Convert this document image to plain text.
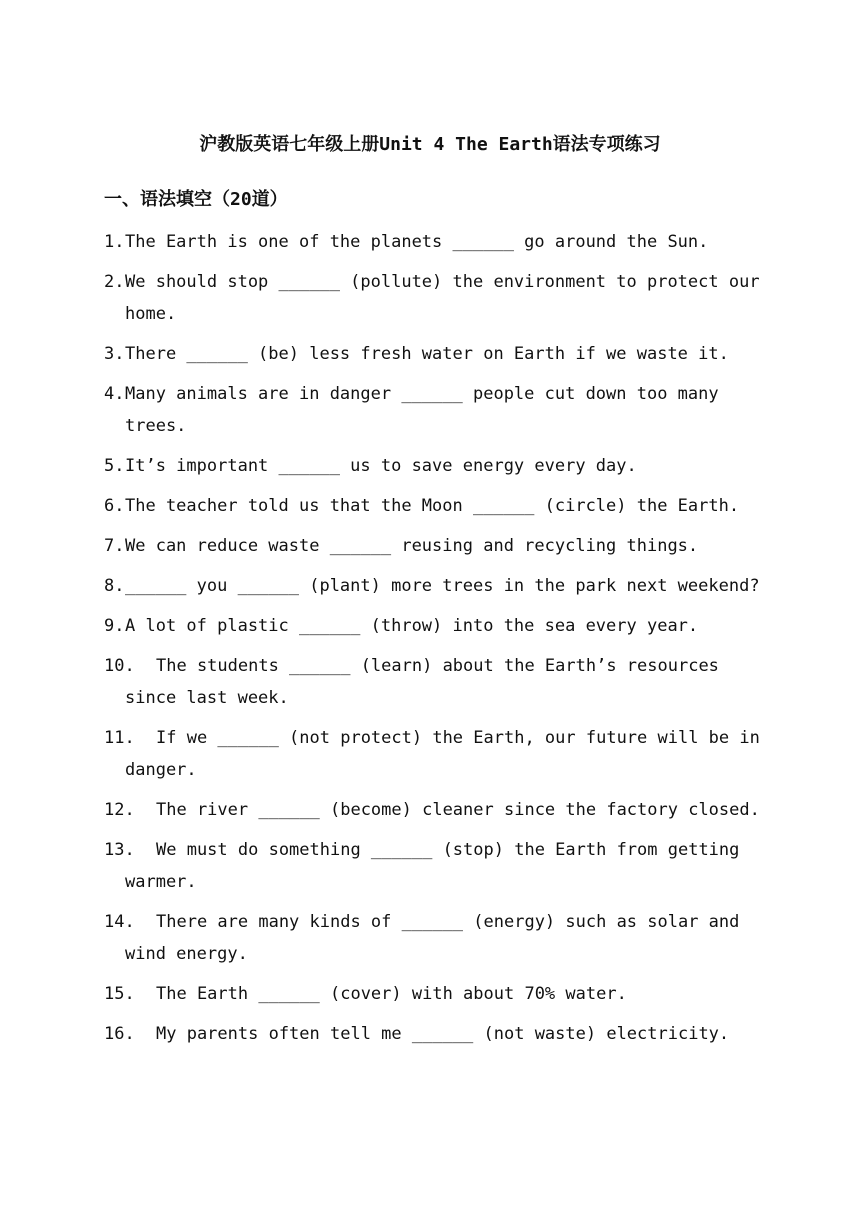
沪教版英语七年级上册Unit 4 The Earth语法专项练习
一、语法填空（20道）
1. The Earth is one of the planets ______ go around the Sun.
2. We should stop ______ (pollute) the environment to protect our home.
3. There ______ (be) less fresh water on Earth if we waste it.
4. Many animals are in danger ______ people cut down too many trees.
5. It’s important ______ us to save energy every day.
6. The teacher told us that the Moon ______ (circle) the Earth.
7. We can reduce waste ______ reusing and recycling things.
8. ______ you ______ (plant) more trees in the park next weekend?
9. A lot of plastic ______ (throw) into the sea every year.
10.	The students ______ (learn) about the Earth’s resources since last week.
11.	If we ______ (not protect) the Earth, our future will be in danger.
12.	The river ______ (become) cleaner since the factory closed.
13.	We must do something ______ (stop) the Earth from getting warmer.
14.	There are many kinds of ______ (energy) such as solar and wind energy.
15.	The Earth ______ (cover) with about 70% water.
16.	My parents often tell me ______ (not waste) electricity.
